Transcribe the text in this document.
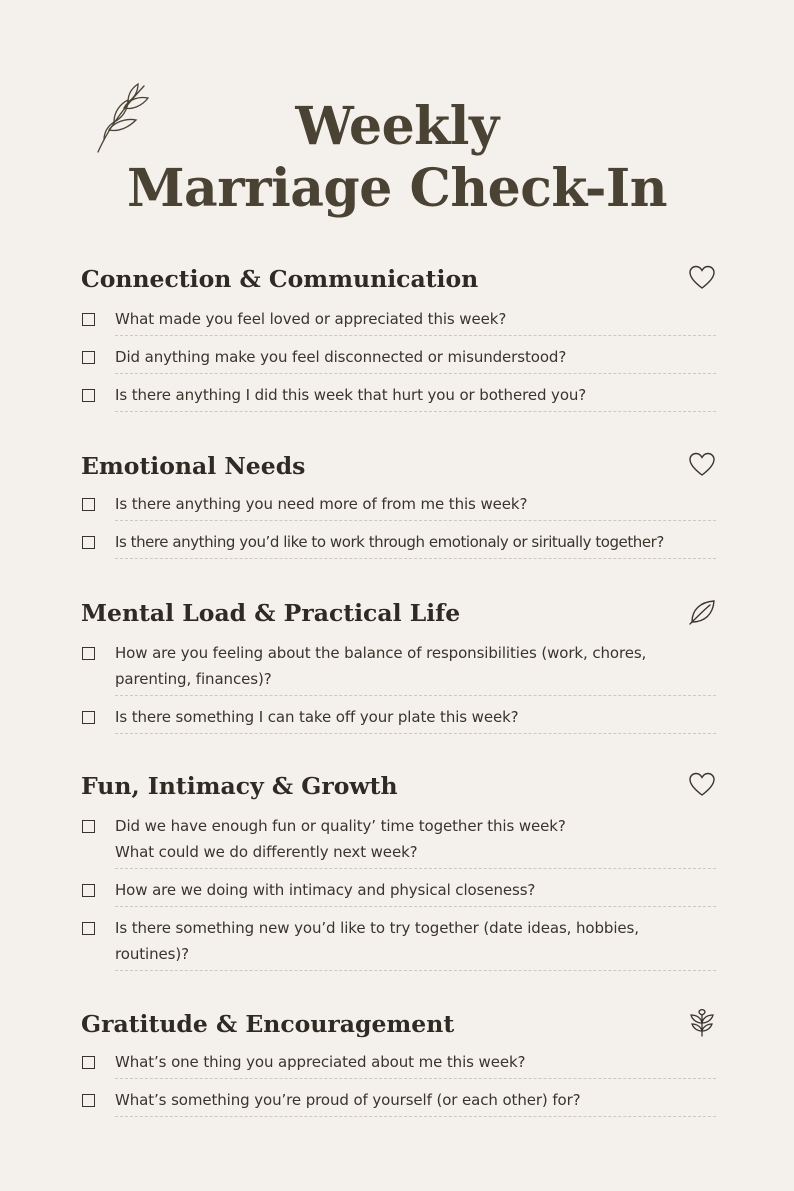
Weekly
Marriage Check-In
Connection & Communication
What made you feel loved or appreciated this week?
Did anything make you feel disconnected or misunderstood?
Is there anything I did this week that hurt you or bothered you?
Emotional Needs
Is there anything you need more of from me this week?
Is there anything you’d like to work through emotionaly or siritually together?
Mental Load & Practical Life
How are you feeling about the balance of responsibilities (work, chores, parenting, finances)?
Is there something I can take off your plate this week?
Fun, Intimacy & Growth
Did we have enough fun or quality’ time together this week? What could we do differently next week?
How are we doing with intimacy and physical closeness?
Is there something new you’d like to try together (date ideas, hobbies, routines)?
Gratitude & Encouragement
What’s one thing you appreciated about me this week?
What’s something you’re proud of yourself (or each other) for?
